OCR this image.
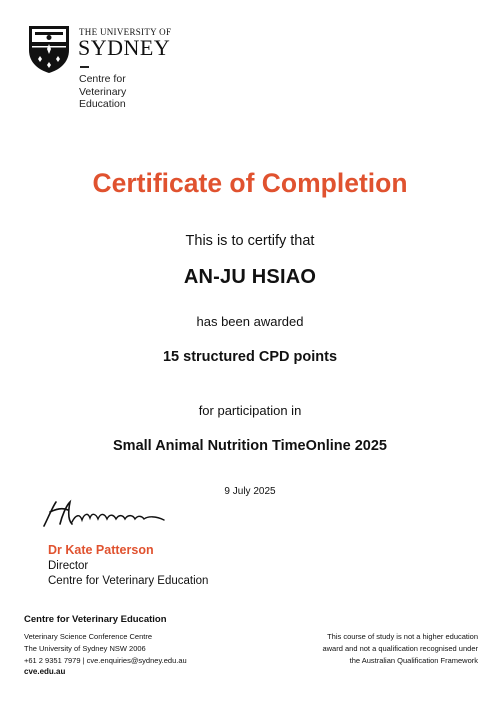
THE UNIVERSITY OF
SYDNEY
Centre for Veterinary Education
Certificate of Completion
This is to certify that
AN-JU HSIAO
has been awarded
15 structured CPD points
for participation in
Small Animal Nutrition TimeOnline 2025
9 July 2025
Dr Kate Patterson
Director
Centre for Veterinary Education
Centre for Veterinary Education
Veterinary Science Conference Centre
The University of Sydney NSW 2006
+61 2 9351 7979 | cve.enquiries@sydney.edu.au
cve.edu.au
This course of study is not a higher education
award and not a qualification recognised under
the Australian Qualification Framework
